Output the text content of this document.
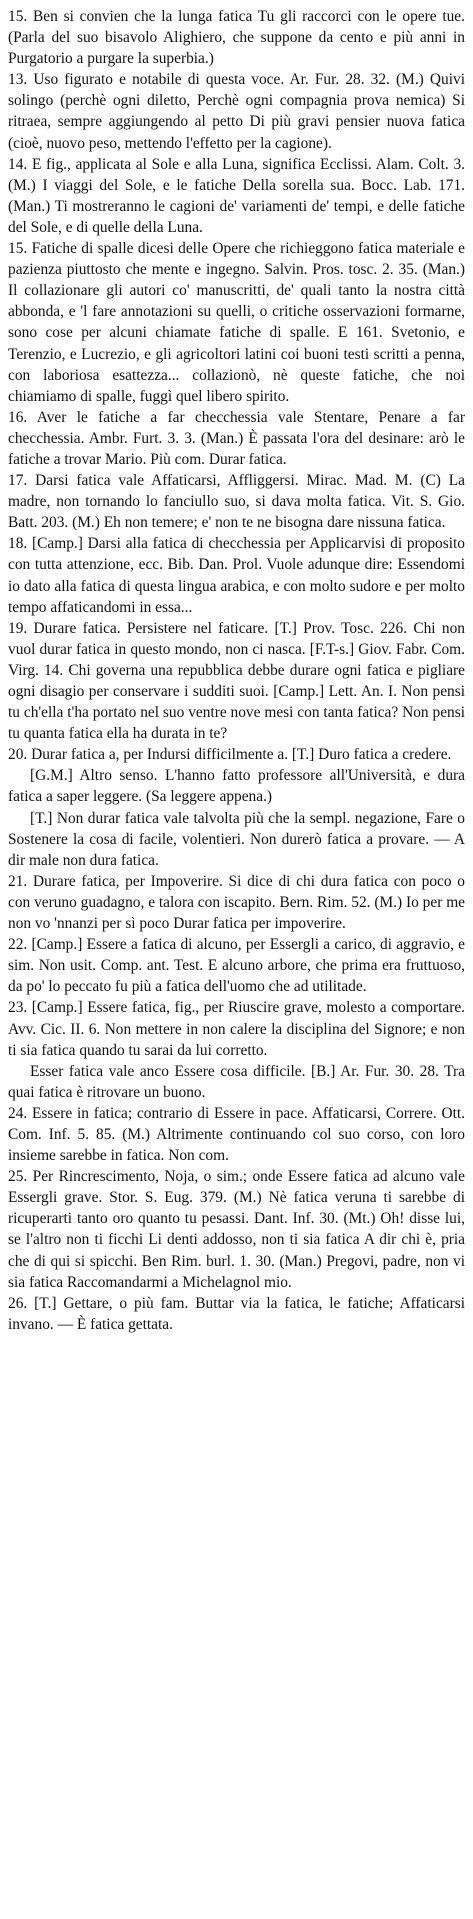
15. Ben si convien che la lunga fatica Tu gli raccorci con le opere tue. (Parla del suo bisavolo Alighiero, che suppone da cento e più anni in Purgatorio a purgare la superbia.)

13. Uso figurato e notabile di questa voce. Ar. Fur. 28. 32. (M.) Quivi solingo (perchè ogni diletto, Perchè ogni compagnia prova nemica) Si ritraea, sempre aggiungendo al petto Di più gravi pensier nuova fatica (cioè, nuovo peso, mettendo l'effetto per la cagione).

14. E fig., applicata al Sole e alla Luna, significa Ecclissi. Alam. Colt. 3. (M.) I viaggi del Sole, e le fatiche Della sorella sua. Bocc. Lab. 171. (Man.) Ti mostreranno le cagioni de' variamenti de' tempi, e delle fatiche del Sole, e di quelle della Luna.

15. Fatiche di spalle dicesi delle Opere che richieggono fatica materiale e pazienza piuttosto che mente e ingegno. Salvin. Pros. tosc. 2. 35. (Man.) Il collazionare gli autori co' manuscritti, de' quali tanto la nostra città abbonda, e 'l fare annotazioni su quelli, o critiche osservazioni formarne, sono cose per alcuni chiamate fatiche di spalle. E 161. Svetonio, e Terenzio, e Lucrezio, e gli agricoltori latini coi buoni testi scritti a penna, con laboriosa esattezza... collazionò, nè queste fatiche, che noi chiamiamo di spalle, fuggì quel libero spirito.

16. Aver le fatiche a far checchessia vale Stentare, Penare a far checchessia. Ambr. Furt. 3. 3. (Man.) È passata l'ora del desinare: arò le fatiche a trovar Mario. Più com. Durar fatica.

17. Darsi fatica vale Affaticarsi, Affliggersi. Mirac. Mad. M. (C) La madre, non tornando lo fanciullo suo, si dava molta fatica. Vit. S. Gio. Batt. 203. (M.) Eh non temere; e' non te ne bisogna dare nissuna fatica.

18. [Camp.] Darsi alla fatica di checchessia per Applicarvisi di proposito con tutta attenzione, ecc. Bib. Dan. Prol. Vuole adunque dire: Essendomi io dato alla fatica di questa lingua arabica, e con molto sudore e per molto tempo affaticandomi in essa...

19. Durare fatica. Persistere nel faticare. [T.] Prov. Tosc. 226. Chi non vuol durar fatica in questo mondo, non ci nasca. [F.T-s.] Giov. Fabr. Com. Virg. 14. Chi governa una repubblica debbe durare ogni fatica e pigliare ogni disagio per conservare i sudditi suoi. [Camp.] Lett. An. I. Non pensi tu ch'ella t'ha portato nel suo ventre nove mesi con tanta fatica? Non pensi tu quanta fatica ella ha durata in te?

20. Durar fatica a, per Indursi difficilmente a. [T.] Duro fatica a credere.

[G.M.] Altro senso. L'hanno fatto professore all'Università, e dura fatica a saper leggere. (Sa leggere appena.)

[T.] Non durar fatica vale talvolta più che la sempl. negazione, Fare o Sostenere la cosa di facile, volentieri. Non durerò fatica a provare. — A dir male non dura fatica.

21. Durare fatica, per Impoverire. Si dice di chi dura fatica con poco o con veruno guadagno, e talora con iscapito. Bern. Rim. 52. (M.) Io per me non vo 'nnanzi per sì poco Durar fatica per impoverire.

22. [Camp.] Essere a fatica di alcuno, per Essergli a carico, di aggravio, e sim. Non usit. Comp. ant. Test. E alcuno arbore, che prima era fruttuoso, da po' lo peccato fu più a fatica dell'uomo che ad utilitade.

23. [Camp.] Essere fatica, fig., per Riuscire grave, molesto a comportare. Avv. Cic. II. 6. Non mettere in non calere la disciplina del Signore; e non ti sia fatica quando tu sarai da lui corretto.

Esser fatica vale anco Essere cosa difficile. [B.] Ar. Fur. 30. 28. Tra quai fatica è ritrovare un buono.

24. Essere in fatica; contrario di Essere in pace. Affaticarsi, Correre. Ott. Com. Inf. 5. 85. (M.) Altrimente continuando col suo corso, con loro insieme sarebbe in fatica. Non com.

25. Per Rincrescimento, Noja, o sim.; onde Essere fatica ad alcuno vale Essergli grave. Stor. S. Eug. 379. (M.) Nè fatica veruna ti sarebbe di ricuperarti tanto oro quanto tu pesassi. Dant. Inf. 30. (Mt.) Oh! disse lui, se l'altro non ti ficchi Li denti addosso, non ti sia fatica A dir chi è, pria che di qui si spicchi. Ben Rim. burl. 1. 30. (Man.) Pregovi, padre, non vi sia fatica Raccomandarmi a Michelagnol mio.

26. [T.] Gettare, o più fam. Buttar via la fatica, le fatiche; Affaticarsi invano. — È fatica gettata.
